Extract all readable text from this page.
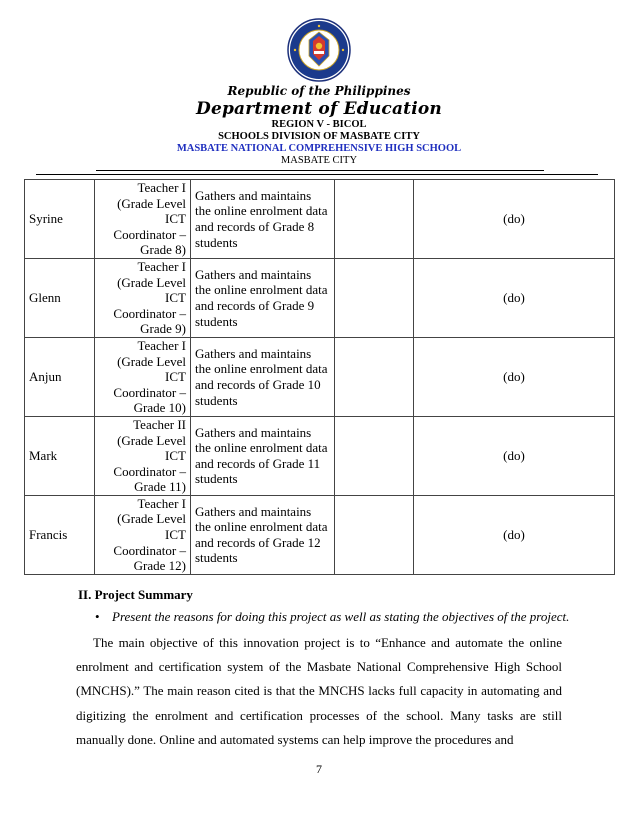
Republic of the Philippines
Department of Education
REGION V - BICOL
SCHOOLS DIVISION OF MASBATE CITY
MASBATE NATIONAL COMPREHENSIVE HIGH SCHOOL
MASBATE CITY
Syrine	Teacher I
(Grade Level
ICT
Coordinator –
Grade 8)	Gathers and maintains the online enrolment data and records of Grade 8 students		(do)
Glenn	Teacher I
(Grade Level
ICT
Coordinator –
Grade 9)	Gathers and maintains the online enrolment data and records of Grade 9 students		(do)
Anjun	Teacher I
(Grade Level
ICT
Coordinator –
Grade 10)	Gathers and maintains the online enrolment data and records of Grade 10 students		(do)
Mark	Teacher II
(Grade Level
ICT
Coordinator –
Grade 11)	Gathers and maintains the online enrolment data and records of Grade 11 students		(do)
Francis	Teacher I
(Grade Level
ICT
Coordinator –
Grade 12)	Gathers and maintains the online enrolment data and records of Grade 12 students		(do)
II. Project Summary
• Present the reasons for doing this project as well as stating the objectives of the project.
The main objective of this innovation project is to “Enhance and automate the online enrolment and certification system of the Masbate National Comprehensive High School (MNCHS).” The main reason cited is that the MNCHS lacks full capacity in automating and digitizing the enrolment and certification processes of the school. Many tasks are still manually done. Online and automated systems can help improve the procedures and
7
